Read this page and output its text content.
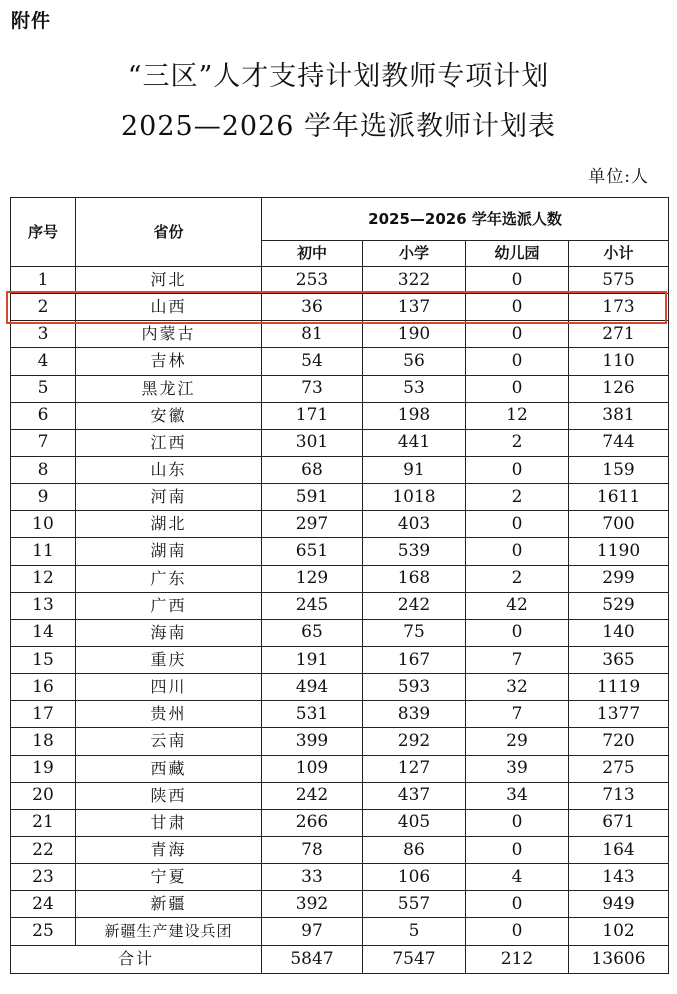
附件
“三区”人才支持计划教师专项计划
2025—2026 学年选派教师计划表
单位:人
序号	省份	2025—2026 学年选派人数			
		初中	小学	幼儿园	小计
1	河北	253	322	0	575
2	山西	36	137	0	173
3	内蒙古	81	190	0	271
4	吉林	54	56	0	110
5	黑龙江	73	53	0	126
6	安徽	171	198	12	381
7	江西	301	441	2	744
8	山东	68	91	0	159
9	河南	591	1018	2	1611
10	湖北	297	403	0	700
11	湖南	651	539	0	1190
12	广东	129	168	2	299
13	广西	245	242	42	529
14	海南	65	75	0	140
15	重庆	191	167	7	365
16	四川	494	593	32	1119
17	贵州	531	839	7	1377
18	云南	399	292	29	720
19	西藏	109	127	39	275
20	陕西	242	437	34	713
21	甘肃	266	405	0	671
22	青海	78	86	0	164
23	宁夏	33	106	4	143
24	新疆	392	557	0	949
25	新疆生产建设兵团	97	5	0	102
合计		5847	7547	212	13606
